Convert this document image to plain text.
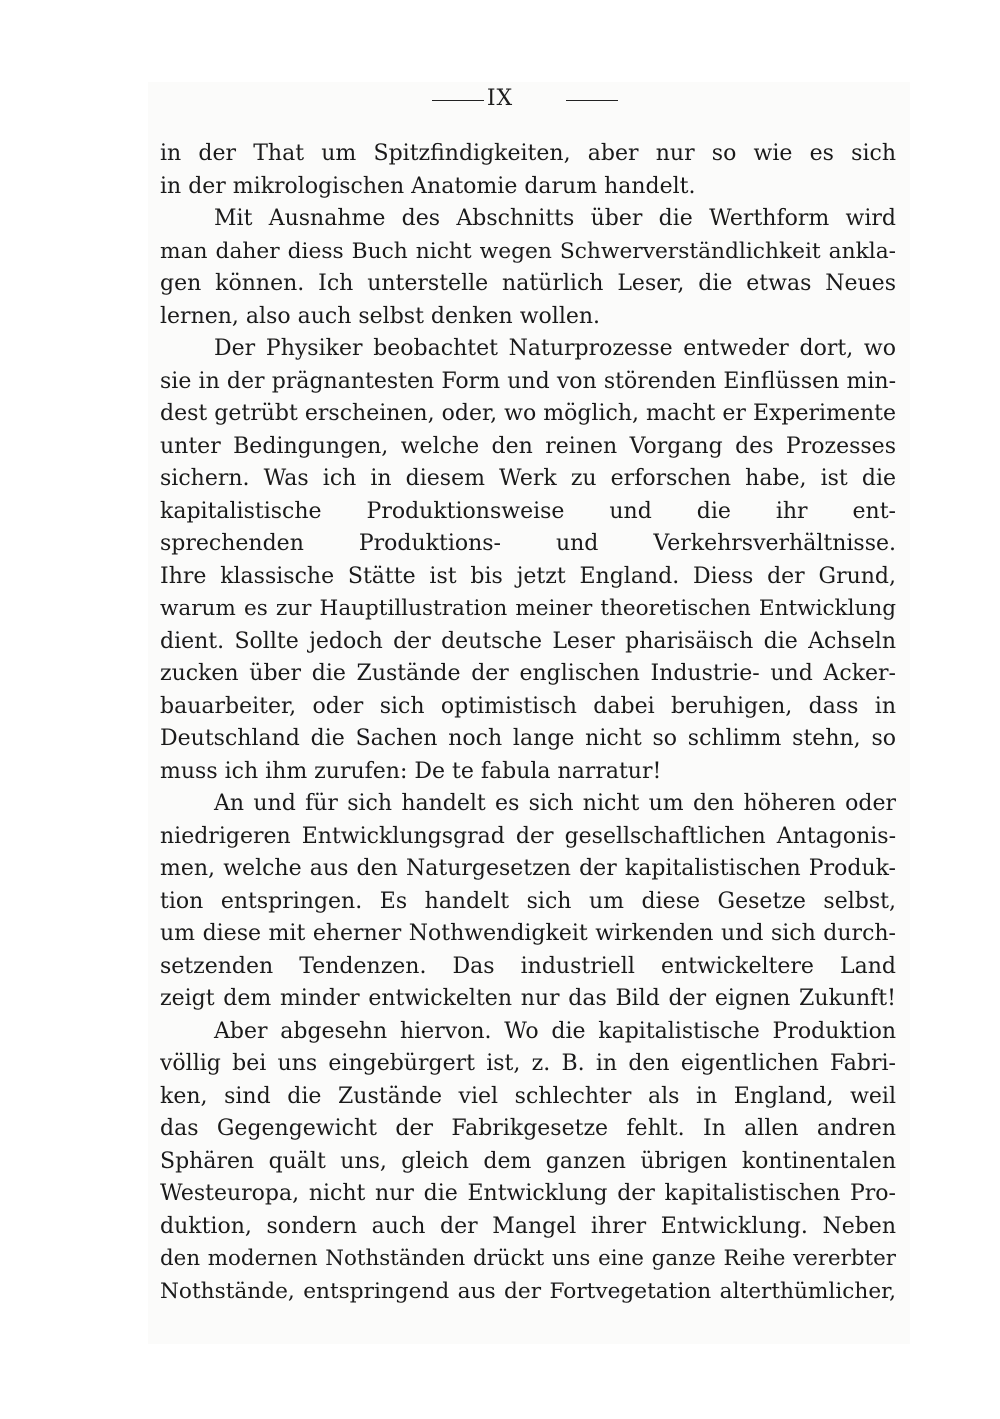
IX
in der That um Spitzfindigkeiten, aber nur so wie es sich
in der mikrologischen Anatomie darum handelt.
Mit Ausnahme des Abschnitts über die Werthform wird
man daher diess Buch nicht wegen Schwerverständlichkeit ankla-
gen können. Ich unterstelle natürlich Leser, die etwas Neues
lernen, also auch selbst denken wollen.
Der Physiker beobachtet Naturprozesse entweder dort, wo
sie in der prägnantesten Form und von störenden Einflüssen min-
dest getrübt erscheinen, oder, wo möglich, macht er Experimente
unter Bedingungen, welche den reinen Vorgang des Prozesses
sichern. Was ich in diesem Werk zu erforschen habe, ist die
kapitalistische Produktionsweise und die ihr ent-
sprechenden Produktions- und Verkehrsverhältnisse.
Ihre klassische Stätte ist bis jetzt England. Diess der Grund,
warum es zur Hauptillustration meiner theoretischen Entwicklung
dient. Sollte jedoch der deutsche Leser pharisäisch die Achseln
zucken über die Zustände der englischen Industrie- und Acker-
bauarbeiter, oder sich optimistisch dabei beruhigen, dass in
Deutschland die Sachen noch lange nicht so schlimm stehn, so
muss ich ihm zurufen: De te fabula narratur!
An und für sich handelt es sich nicht um den höheren oder
niedrigeren Entwicklungsgrad der gesellschaftlichen Antagonis-
men, welche aus den Naturgesetzen der kapitalistischen Produk-
tion entspringen. Es handelt sich um diese Gesetze selbst,
um diese mit eherner Nothwendigkeit wirkenden und sich durch-
setzenden Tendenzen. Das industriell entwickeltere Land
zeigt dem minder entwickelten nur das Bild der eignen Zukunft!
Aber abgesehn hiervon. Wo die kapitalistische Produktion
völlig bei uns eingebürgert ist, z. B. in den eigentlichen Fabri-
ken, sind die Zustände viel schlechter als in England, weil
das Gegengewicht der Fabrikgesetze fehlt. In allen andren
Sphären quält uns, gleich dem ganzen übrigen kontinentalen
Westeuropa, nicht nur die Entwicklung der kapitalistischen Pro-
duktion, sondern auch der Mangel ihrer Entwicklung. Neben
den modernen Nothständen drückt uns eine ganze Reihe vererbter
Nothstände, entspringend aus der Fortvegetation alterthümlicher,
